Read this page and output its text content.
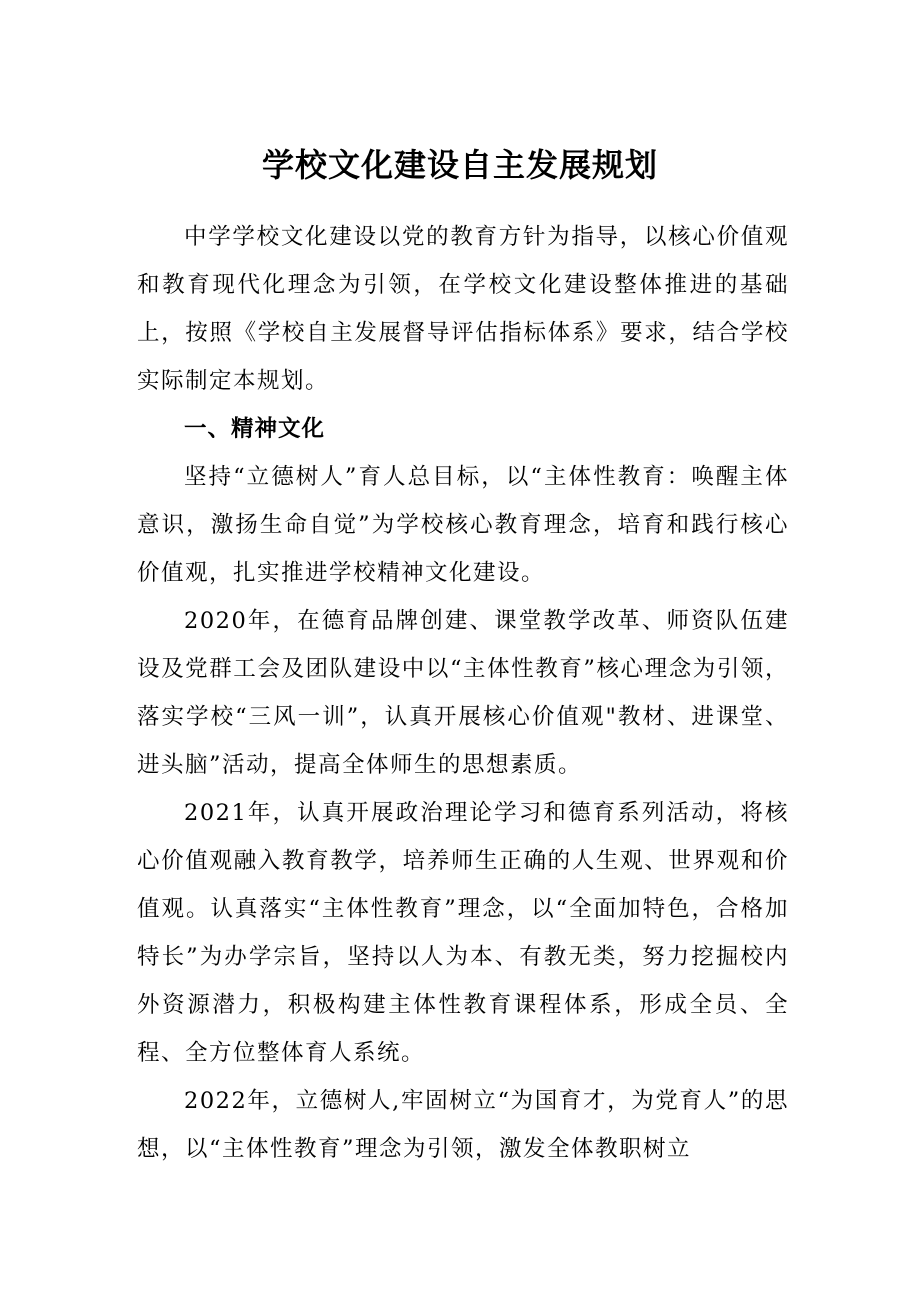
学校文化建设自主发展规划

中学学校文化建设以党的教育方针为指导，以核心价值观和教育现代化理念为引领，在学校文化建设整体推进的基础上，按照《学校自主发展督导评估指标体系》要求，结合学校实际制定本规划。

一、精神文化

坚持“立德树人”育人总目标，以“主体性教育：唤醒主体意识，激扬生命自觉”为学校核心教育理念，培育和践行核心价值观，扎实推进学校精神文化建设。

2020年，在德育品牌创建、课堂教学改革、师资队伍建设及党群工会及团队建设中以“主体性教育”核心理念为引领，落实学校“三风一训”，认真开展核心价值观"教材、进课堂、进头脑”活动，提高全体师生的思想素质。

2021年，认真开展政治理论学习和德育系列活动，将核心价值观融入教育教学，培养师生正确的人生观、世界观和价值观。认真落实“主体性教育”理念，以“全面加特色，合格加特长”为办学宗旨，坚持以人为本、有教无类，努力挖掘校内外资源潜力，积极构建主体性教育课程体系，形成全员、全程、全方位整体育人系统。

2022年，立德树人,牢固树立“为国育才，为党育人”的思想，以“主体性教育”理念为引领，激发全体教职树立
